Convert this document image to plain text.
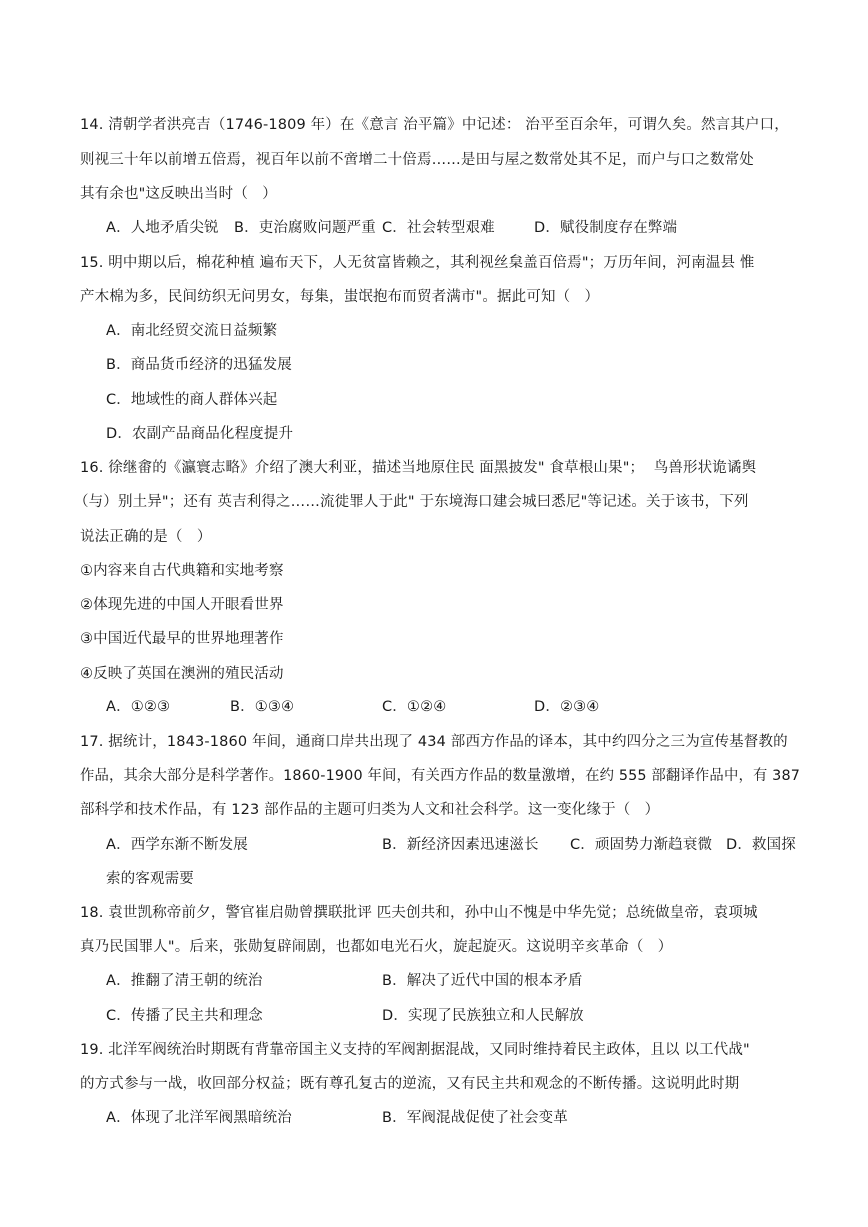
14. 清朝学者洪亮吉（1746-1809 年）在《意言 治平篇》中记述： 治平至百余年，可谓久矣。然言其户口，
则视三十年以前增五倍焉，视百年以前不啻增二十倍焉……是田与屋之数常处其不足，而户与口之数常处
其有余也"这反映出当时（   ）
A．人地矛盾尖锐 B．吏治腐败问题严重 C．社会转型艰难	D．赋役制度存在弊端
15. 明中期以后，棉花种植 遍布天下，人无贫富皆赖之，其利视丝枲盖百倍焉"；万历年间，河南温县 惟
产木棉为多，民间纺织无问男女，每集，蚩氓抱布而贸者满市"。据此可知（   ）
A．南北经贸交流日益频繁
B．商品货币经济的迅猛发展
C．地域性的商人群体兴起
D．农副产品商品化程度提升
16. 徐继畬的《瀛寰志略》介绍了澳大利亚，描述当地原住民 面黑披发" 食草根山果"；  鸟兽形状诡谲舆
（与）别土异"；还有 英吉利得之……流徙罪人于此" 于东境海口建会城曰悉尼"等记述。关于该书，下列
说法正确的是（   ）
①内容来自古代典籍和实地考察
②体现先进的中国人开眼看世界
③中国近代最早的世界地理著作
④反映了英国在澳洲的殖民活动
A．①②③	B．①③④	C．①②④	D．②③④
17. 据统计，1843-1860 年间，通商口岸共出现了 434 部西方作品的译本，其中约四分之三为宣传基督教的
作品，其余大部分是科学著作。1860-1900 年间，有关西方作品的数量激增，在约 555 部翻译作品中，有 387
部科学和技术作品，有 123 部作品的主题可归类为人文和社会科学。这一变化缘于（   ）
A．西学东渐不断发展	B．新经济因素迅速滋长 C．顽固势力渐趋衰微 D．救国探
索的客观需要
18. 袁世凯称帝前夕，警官崔启勋曾撰联批评 匹夫创共和，孙中山不愧是中华先觉；总统做皇帝，袁项城
真乃民国罪人"。后来，张勋复辟闹剧，也都如电光石火，旋起旋灭。这说明辛亥革命（   ）
A．推翻了清王朝的统治	B．解决了近代中国的根本矛盾
C．传播了民主共和理念	D．实现了民族独立和人民解放
19. 北洋军阀统治时期既有背靠帝国主义支持的军阀割据混战，又同时维持着民主政体，且以 以工代战"
的方式参与一战，收回部分权益；既有尊孔复古的逆流，又有民主共和观念的不断传播。这说明此时期
A．体现了北洋军阀黑暗统治	B．军阀混战促使了社会变革
